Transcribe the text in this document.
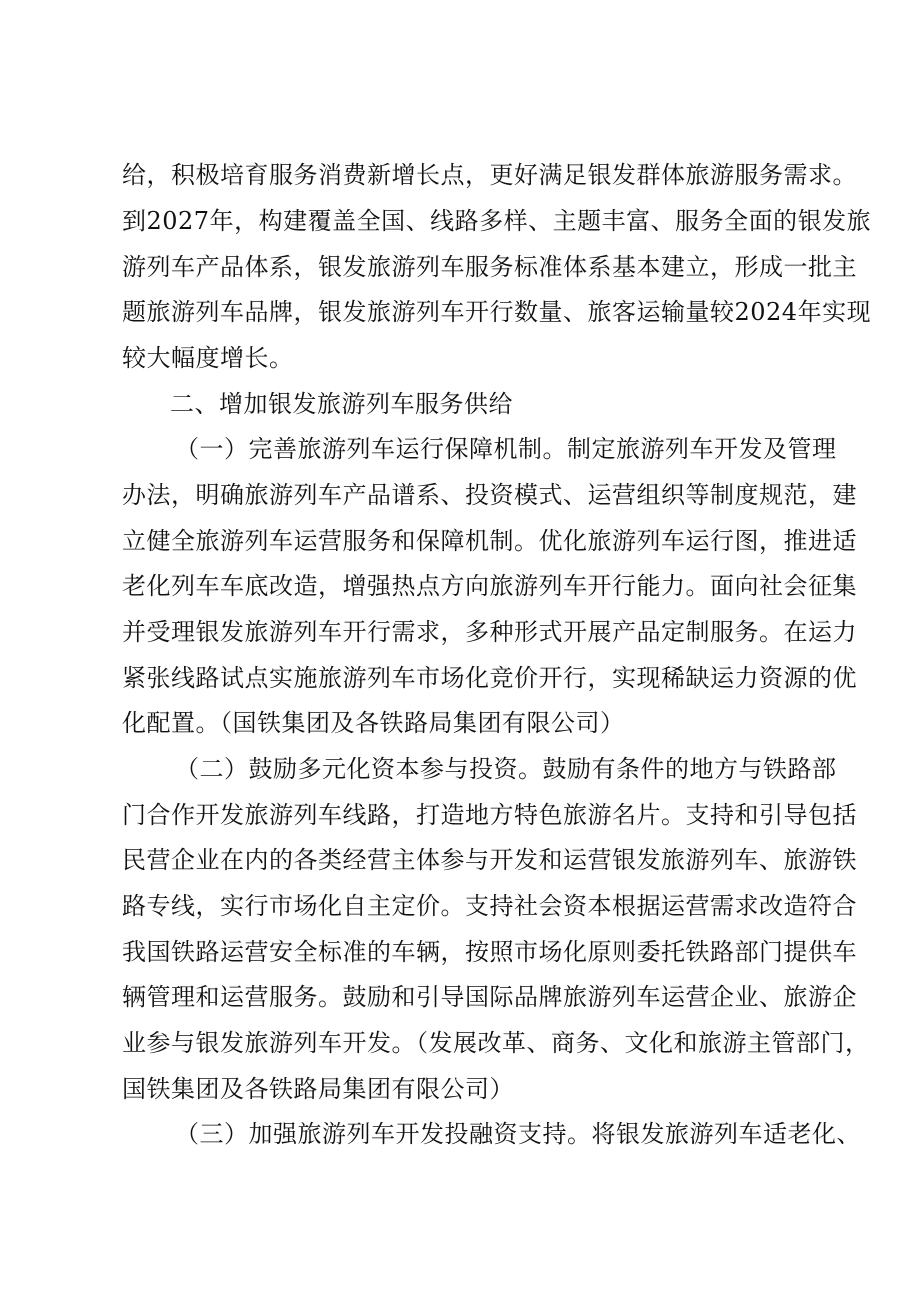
给，积极培育服务消费新增长点，更好满足银发群体旅游服务需求。
到2027年，构建覆盖全国、线路多样、主题丰富、服务全面的银发旅
游列车产品体系，银发旅游列车服务标准体系基本建立，形成一批主
题旅游列车品牌，银发旅游列车开行数量、旅客运输量较2024年实现
较大幅度增长。
二、增加银发旅游列车服务供给
（一）完善旅游列车运行保障机制。制定旅游列车开发及管理
办法，明确旅游列车产品谱系、投资模式、运营组织等制度规范，建
立健全旅游列车运营服务和保障机制。优化旅游列车运行图，推进适
老化列车车底改造，增强热点方向旅游列车开行能力。面向社会征集
并受理银发旅游列车开行需求，多种形式开展产品定制服务。在运力
紧张线路试点实施旅游列车市场化竞价开行，实现稀缺运力资源的优
化配置。（国铁集团及各铁路局集团有限公司）
（二）鼓励多元化资本参与投资。鼓励有条件的地方与铁路部
门合作开发旅游列车线路，打造地方特色旅游名片。支持和引导包括
民营企业在内的各类经营主体参与开发和运营银发旅游列车、旅游铁
路专线，实行市场化自主定价。支持社会资本根据运营需求改造符合
我国铁路运营安全标准的车辆，按照市场化原则委托铁路部门提供车
辆管理和运营服务。鼓励和引导国际品牌旅游列车运营企业、旅游企
业参与银发旅游列车开发。（发展改革、商务、文化和旅游主管部门，
国铁集团及各铁路局集团有限公司）
（三）加强旅游列车开发投融资支持。将银发旅游列车适老化、
